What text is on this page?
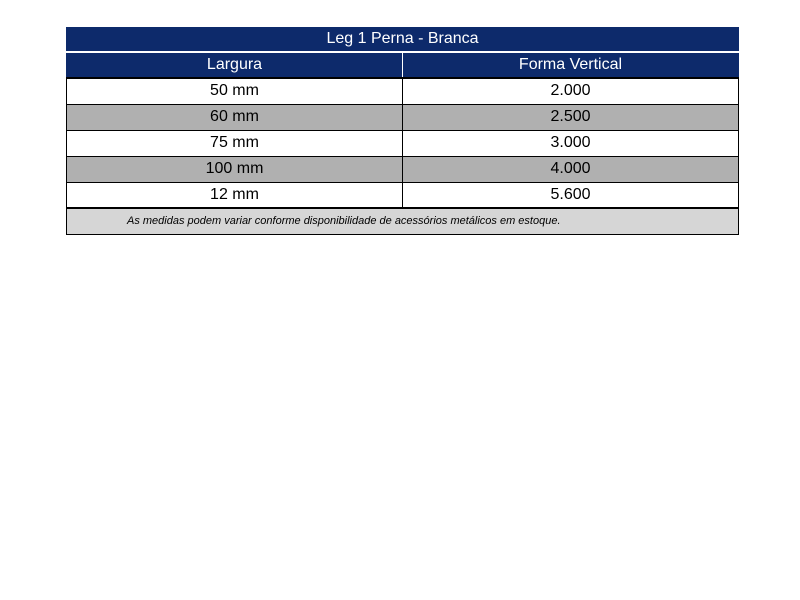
Leg 1 Perna - Branca	
Largura	Forma Vertical
50 mm	2.000
60 mm	2.500
75 mm	3.000
100 mm	4.000
12 mm	5.600
As medidas podem variar conforme disponibilidade de acessórios metálicos em estoque.	
